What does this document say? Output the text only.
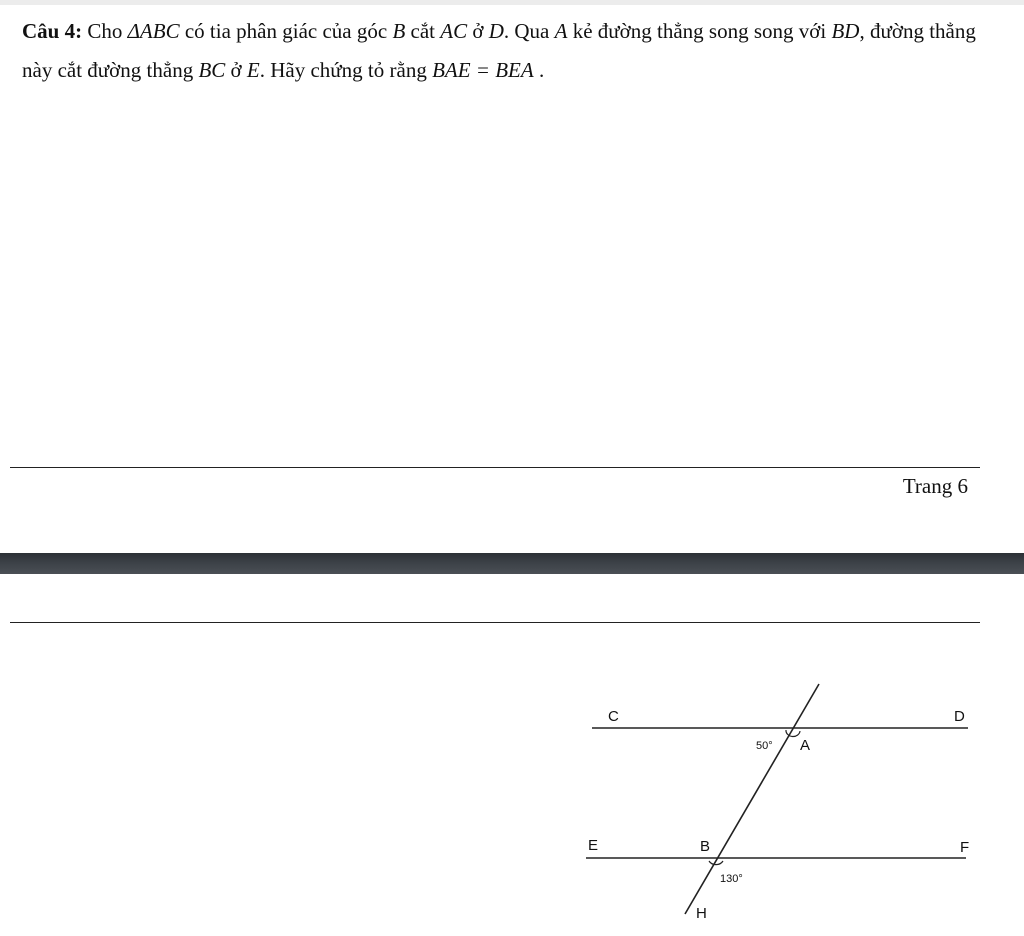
Câu 4: Cho ΔABC có tia phân giác của góc B cắt AC ở D. Qua A kẻ đường thẳng song song với BD, đường thẳng này cắt đường thẳng BC ở E. Hãy chứng tỏ rằng BAE = BEA .

Trang 6
C	D
A
50°
E	F
B
130°
H
